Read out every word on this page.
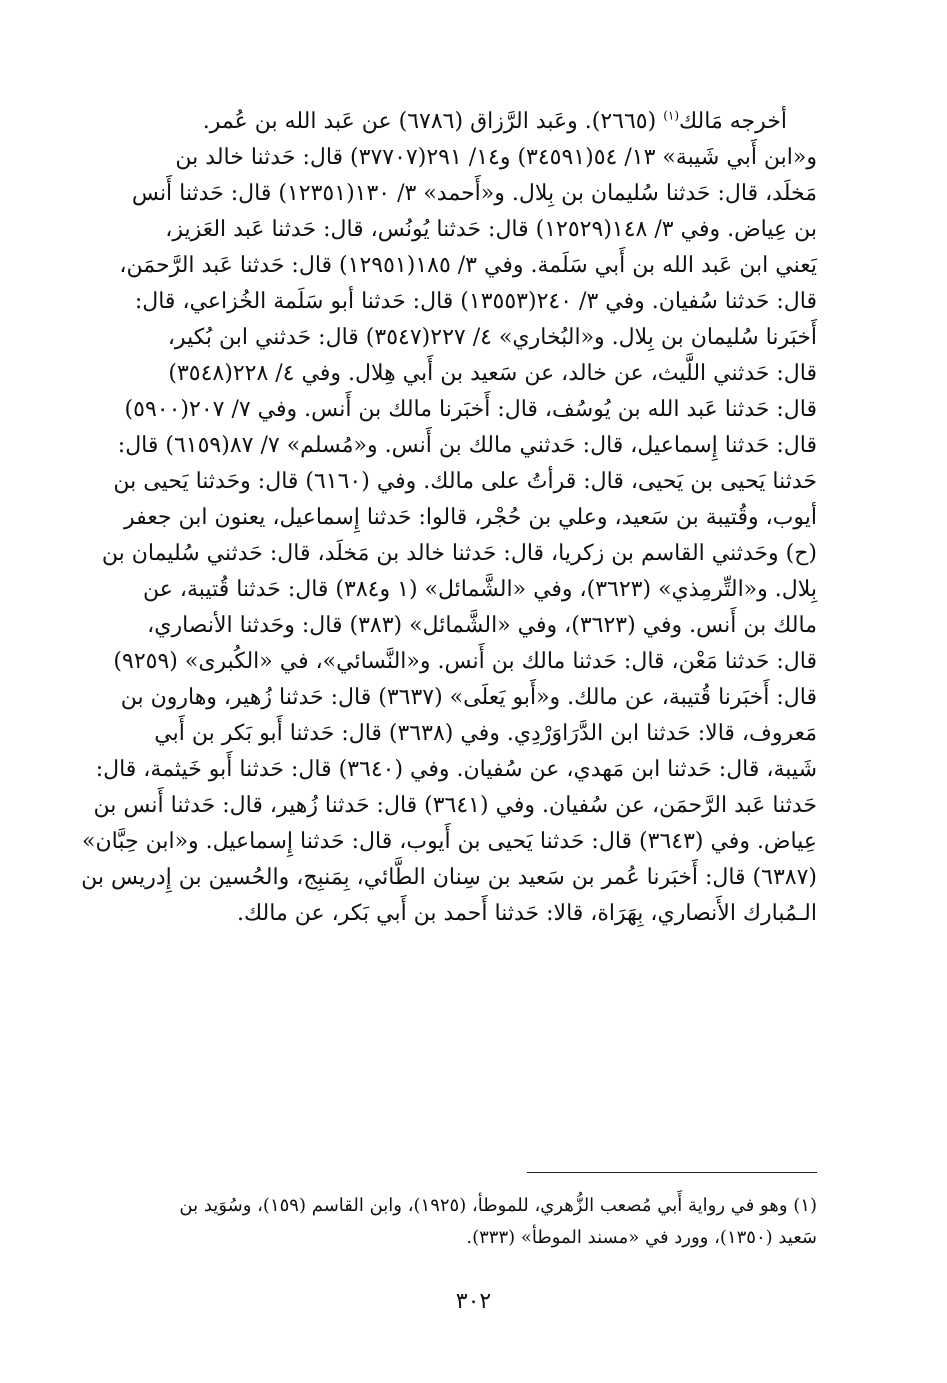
أخرجه مَالك$^{(١)}$ (٢٦٦٥). وعَبد الرَّزاق (٦٧٨٦) عن عَبد الله بن عُمر.
و«ابن أَبي شَيبة» ١٣/ ٥٤(٣٤٥٩١) و١٤/ ٢٩١(٣٧٧٠٧) قال: حَدثنا خالد بن
مَخلَد، قال: حَدثنا سُليمان بن بِلال. و«أَحمد» ٣/ ١٣٠(١٢٣٥١) قال: حَدثنا أَنس
بن عِياض. وفي ٣/ ١٤٨(١٢٥٢٩) قال: حَدثنا يُونُس، قال: حَدثنا عَبد العَزيز،
يَعني ابن عَبد الله بن أَبي سَلَمة. وفي ٣/ ١٨٥(١٢٩٥١) قال: حَدثنا عَبد الرَّحمَن،
قال: حَدثنا سُفيان. وفي ٣/ ٢٤٠(١٣٥٥٣) قال: حَدثنا أبو سَلَمة الخُزاعي، قال:
أَخبَرنا سُليمان بن بِلال. و«البُخاري» ٤/ ٢٢٧(٣٥٤٧) قال: حَدثني ابن بُكير،
قال: حَدثني اللَّيث، عن خالد، عن سَعيد بن أَبي هِلال. وفي ٤/ ٢٢٨(٣٥٤٨)
قال: حَدثنا عَبد الله بن يُوسُف، قال: أَخبَرنا مالك بن أَنس. وفي ٧/ ٢٠٧(٥٩٠٠)
قال: حَدثنا إِسماعيل، قال: حَدثني مالك بن أَنس. و«مُسلم» ٧/ ٨٧(٦١٥٩) قال:
حَدثنا يَحيى بن يَحيى، قال: قرأتُ على مالك. وفي (٦١٦٠) قال: وحَدثنا يَحيى بن
أيوب، وقُتيبة بن سَعيد، وعلي بن حُجْر، قالوا: حَدثنا إِسماعيل، يعنون ابن جعفر
(ح) وحَدثني القاسم بن زكريا، قال: حَدثنا خالد بن مَخلَد، قال: حَدثني سُليمان بن
بِلال. و«التِّرمِذي» (٣٦٢٣)، وفي «الشَّمائل» (١ و٣٨٤) قال: حَدثنا قُتيبة، عن
مالك بن أَنس. وفي (٣٦٢٣)، وفي «الشَّمائل» (٣٨٣) قال: وحَدثنا الأنصاري،
قال: حَدثنا مَعْن، قال: حَدثنا مالك بن أَنس. و«النَّسائي»، في «الكُبرى» (٩٢٥٩)
قال: أَخبَرنا قُتيبة، عن مالك. و«أَبو يَعلَى» (٣٦٣٧) قال: حَدثنا زُهير، وهارون بن
مَعروف، قالا: حَدثنا ابن الدَّرَاوَرْدِي. وفي (٣٦٣٨) قال: حَدثنا أَبو بَكر بن أَبي
شَيبة، قال: حَدثنا ابن مَهدي، عن سُفيان. وفي (٣٦٤٠) قال: حَدثنا أَبو خَيثمة، قال:
حَدثنا عَبد الرَّحمَن، عن سُفيان. وفي (٣٦٤١) قال: حَدثنا زُهير، قال: حَدثنا أَنس بن
عِياض. وفي (٣٦٤٣) قال: حَدثنا يَحيى بن أَيوب، قال: حَدثنا إِسماعيل. و«ابن حِبَّان»
(٦٣٨٧) قال: أَخبَرنا عُمر بن سَعيد بن سِنان الطَّائي، بِمَنبِج، والحُسين بن إِدريس بن
الـمُبارك الأَنصاري، بِهَرَاة، قالا: حَدثنا أَحمد بن أَبي بَكر، عن مالك.
(١) وهو في رواية أَبي مُصعب الزُّهري، للموطأ، (١٩٢٥)، وابن القاسم (١٥٩)، وسُوَيد بن
سَعيد (١٣٥٠)، وورد في «مسند الموطأ» (٣٣٣).
٣٠٢
